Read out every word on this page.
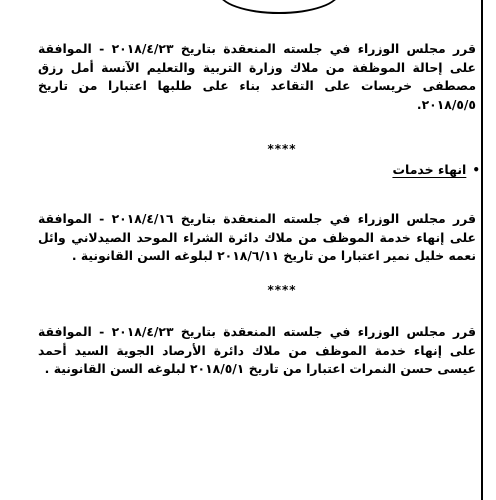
قرر مجلس الوزراء في جلسته المنعقدة بتاريخ ٢٠١٨/٤/٢٣ - الموافقة على إحالة الموظفة من ملاك وزارة التربية والتعليم الآنسة أمل رزق مصطفى خريسات على التقاعد بناء على طلبها اعتبارا من تاريخ ٢٠١٨/٥/٥.

****
•انهاء خدمات

قرر مجلس الوزراء في جلسته المنعقدة بتاريخ ٢٠١٨/٤/١٦ - الموافقة على إنهاء خدمة الموظف من ملاك دائرة الشراء الموحد الصيدلاني وائل نعمه خليل نمير اعتبارا من تاريخ ٢٠١٨/٦/١١ لبلوغه السن القانونية .

****

قرر مجلس الوزراء في جلسته المنعقدة بتاريخ ٢٠١٨/٤/٢٣ - الموافقة على إنهاء خدمة الموظف من ملاك دائرة الأرصاد الجوية السيد أحمد عيسى حسن النمرات اعتبارا من تاريخ ٢٠١٨/٥/١ لبلوغه السن القانونية .
